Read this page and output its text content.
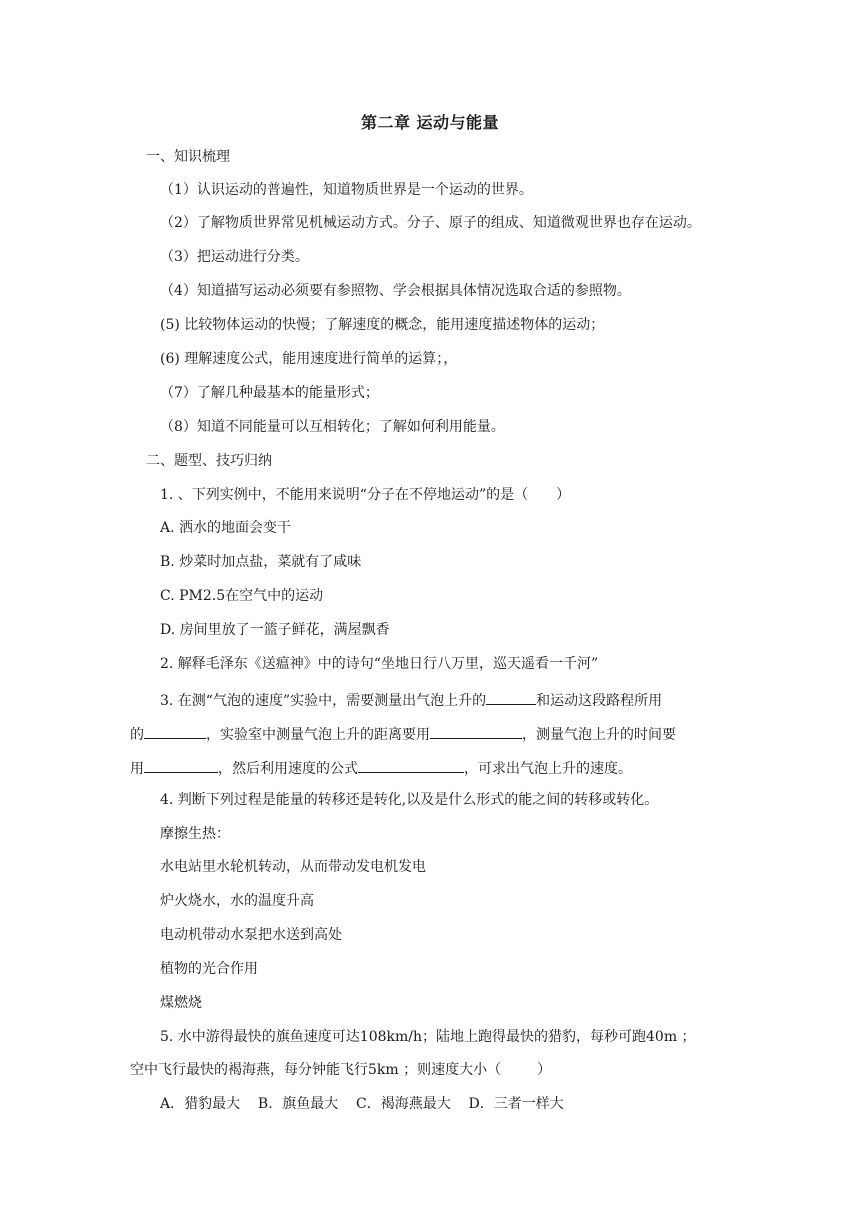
第二章 运动与能量
一、知识梳理
（1）认识运动的普遍性，知道物质世界是一个运动的世界。
（2）了解物质世界常见机械运动方式。分子、原子的组成、知道微观世界也存在运动。
（3）把运动进行分类。
（4）知道描写运动必须要有参照物、学会根据具体情况选取合适的参照物。
(5) 比较物体运动的快慢；了解速度的概念，能用速度描述物体的运动；
(6) 理解速度公式，能用速度进行简单的运算；，
（7）了解几种最基本的能量形式；
（8）知道不同能量可以互相转化；了解如何利用能量。
二、题型、技巧归纳
1. 、下列实例中，不能用来说明“分子在不停地运动”的是（ ）
A. 洒水的地面会变干
B. 炒菜时加点盐，菜就有了咸味
C. PM2.5在空气中的运动
D. 房间里放了一篮子鲜花，满屋飘香
2. 解释毛泽东《送瘟神》中的诗句“坐地日行八万里，巡天遥看一千河”
3. 在测“气泡的速度”实验中，需要测量出气泡上升的	和运动这段路程所用
的	，实验室中测量气泡上升的距离要用	，测量气泡上升的时间要
用	，然后利用速度的公式	，可求出气泡上升的速度。
4. 判断下列过程是能量的转移还是转化,以及是什么形式的能之间的转移或转化。
摩擦生热：
水电站里水轮机转动，从而带动发电机发电
炉火烧水，水的温度升高
电动机带动水泵把水送到高处
植物的光合作用
煤燃烧
5. 水中游得最快的旗鱼速度可达108km/h；陆地上跑得最快的猎豹，每秒可跑40m ；
空中飞行最快的褐海燕，每分钟能飞行5km ；则速度大小（	）
A．猎豹最大    B．旗鱼最大    C．褐海燕最大    D．三者一样大
